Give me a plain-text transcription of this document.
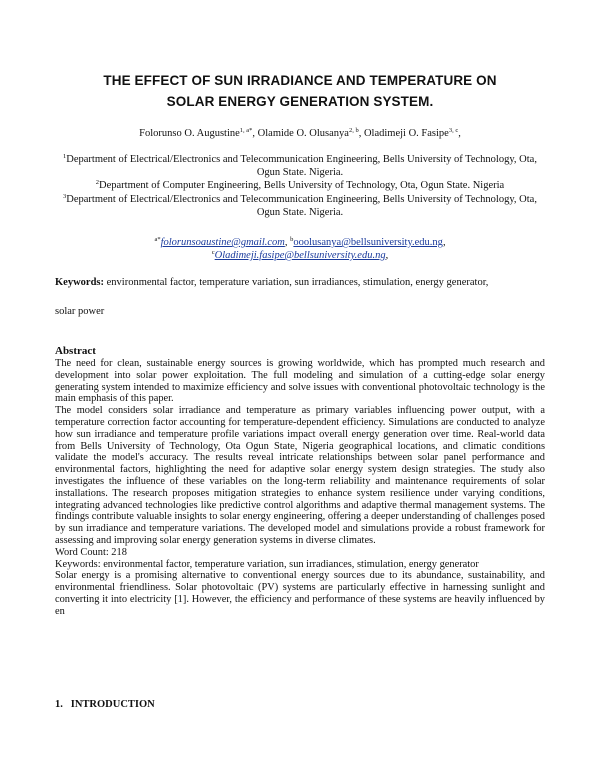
THE EFFECT OF SUN IRRADIANCE AND TEMPERATURE ON
SOLAR ENERGY GENERATION SYSTEM.
Folorunso O. Augustine$^{1, a*}$, Olamide O. Olusanya$^{2, b}$, Oladimeji O. Fasipe$^{3, c}$,

$^1$Department of Electrical/Electronics and Telecommunication Engineering, Bells University of Technology, Ota, Ogun State. Nigeria.

$^2$Department of Computer Engineering, Bells University of Technology, Ota, Ogun State. Nigeria

$^3$Department of Electrical/Electronics and Telecommunication Engineering, Bells University of Technology, Ota, Ogun State. Nigeria.

$^{a*}$folorunsoaustine@gmail.com, $^b$ooolusanya@bellsuniversity.edu.ng,
$^c$Oladimeji.fasipe@bellsuniversity.edu.ng,
Keywords: environmental factor, temperature variation, sun irradiances, stimulation, energy generator,
solar power
Abstract

The need for clean, sustainable energy sources is growing worldwide, which has prompted much research and development into solar power exploitation. The full modeling and simulation of a cutting-edge solar energy generating system intended to maximize efficiency and solve issues with conventional photovoltaic technology is the main emphasis of this paper.

The model considers solar irradiance and temperature as primary variables influencing power output, with a temperature correction factor accounting for temperature-dependent efficiency. Simulations are conducted to analyze how sun irradiance and temperature profile variations impact overall energy generation over time. Real-world data from Bells University of Technology, Ota Ogun State, Nigeria geographical locations, and climatic conditions validate the model's accuracy. The results reveal intricate relationships between solar panel performance and environmental factors, highlighting the need for adaptive solar energy system design strategies. The study also investigates the influence of these variables on the long-term reliability and maintenance requirements of solar installations. The research proposes mitigation strategies to enhance system resilience under varying conditions, integrating advanced technologies like predictive control algorithms and adaptive thermal management systems. The findings contribute valuable insights to solar energy engineering, offering a deeper understanding of challenges posed by sun irradiance and temperature variations. The developed model and simulations provide a robust framework for assessing and improving solar energy generation systems in diverse climates.

Word Count: 218

Keywords: environmental factor, temperature variation, sun irradiances, stimulation, energy generator

Solar energy is a promising alternative to conventional energy sources due to its abundance, sustainability, and environmental friendliness. Solar photovoltaic (PV) systems are particularly effective in harnessing sunlight and converting it into electricity [1]. However, the efficiency and performance of these systems are heavily influenced by en

1.   INTRODUCTION
